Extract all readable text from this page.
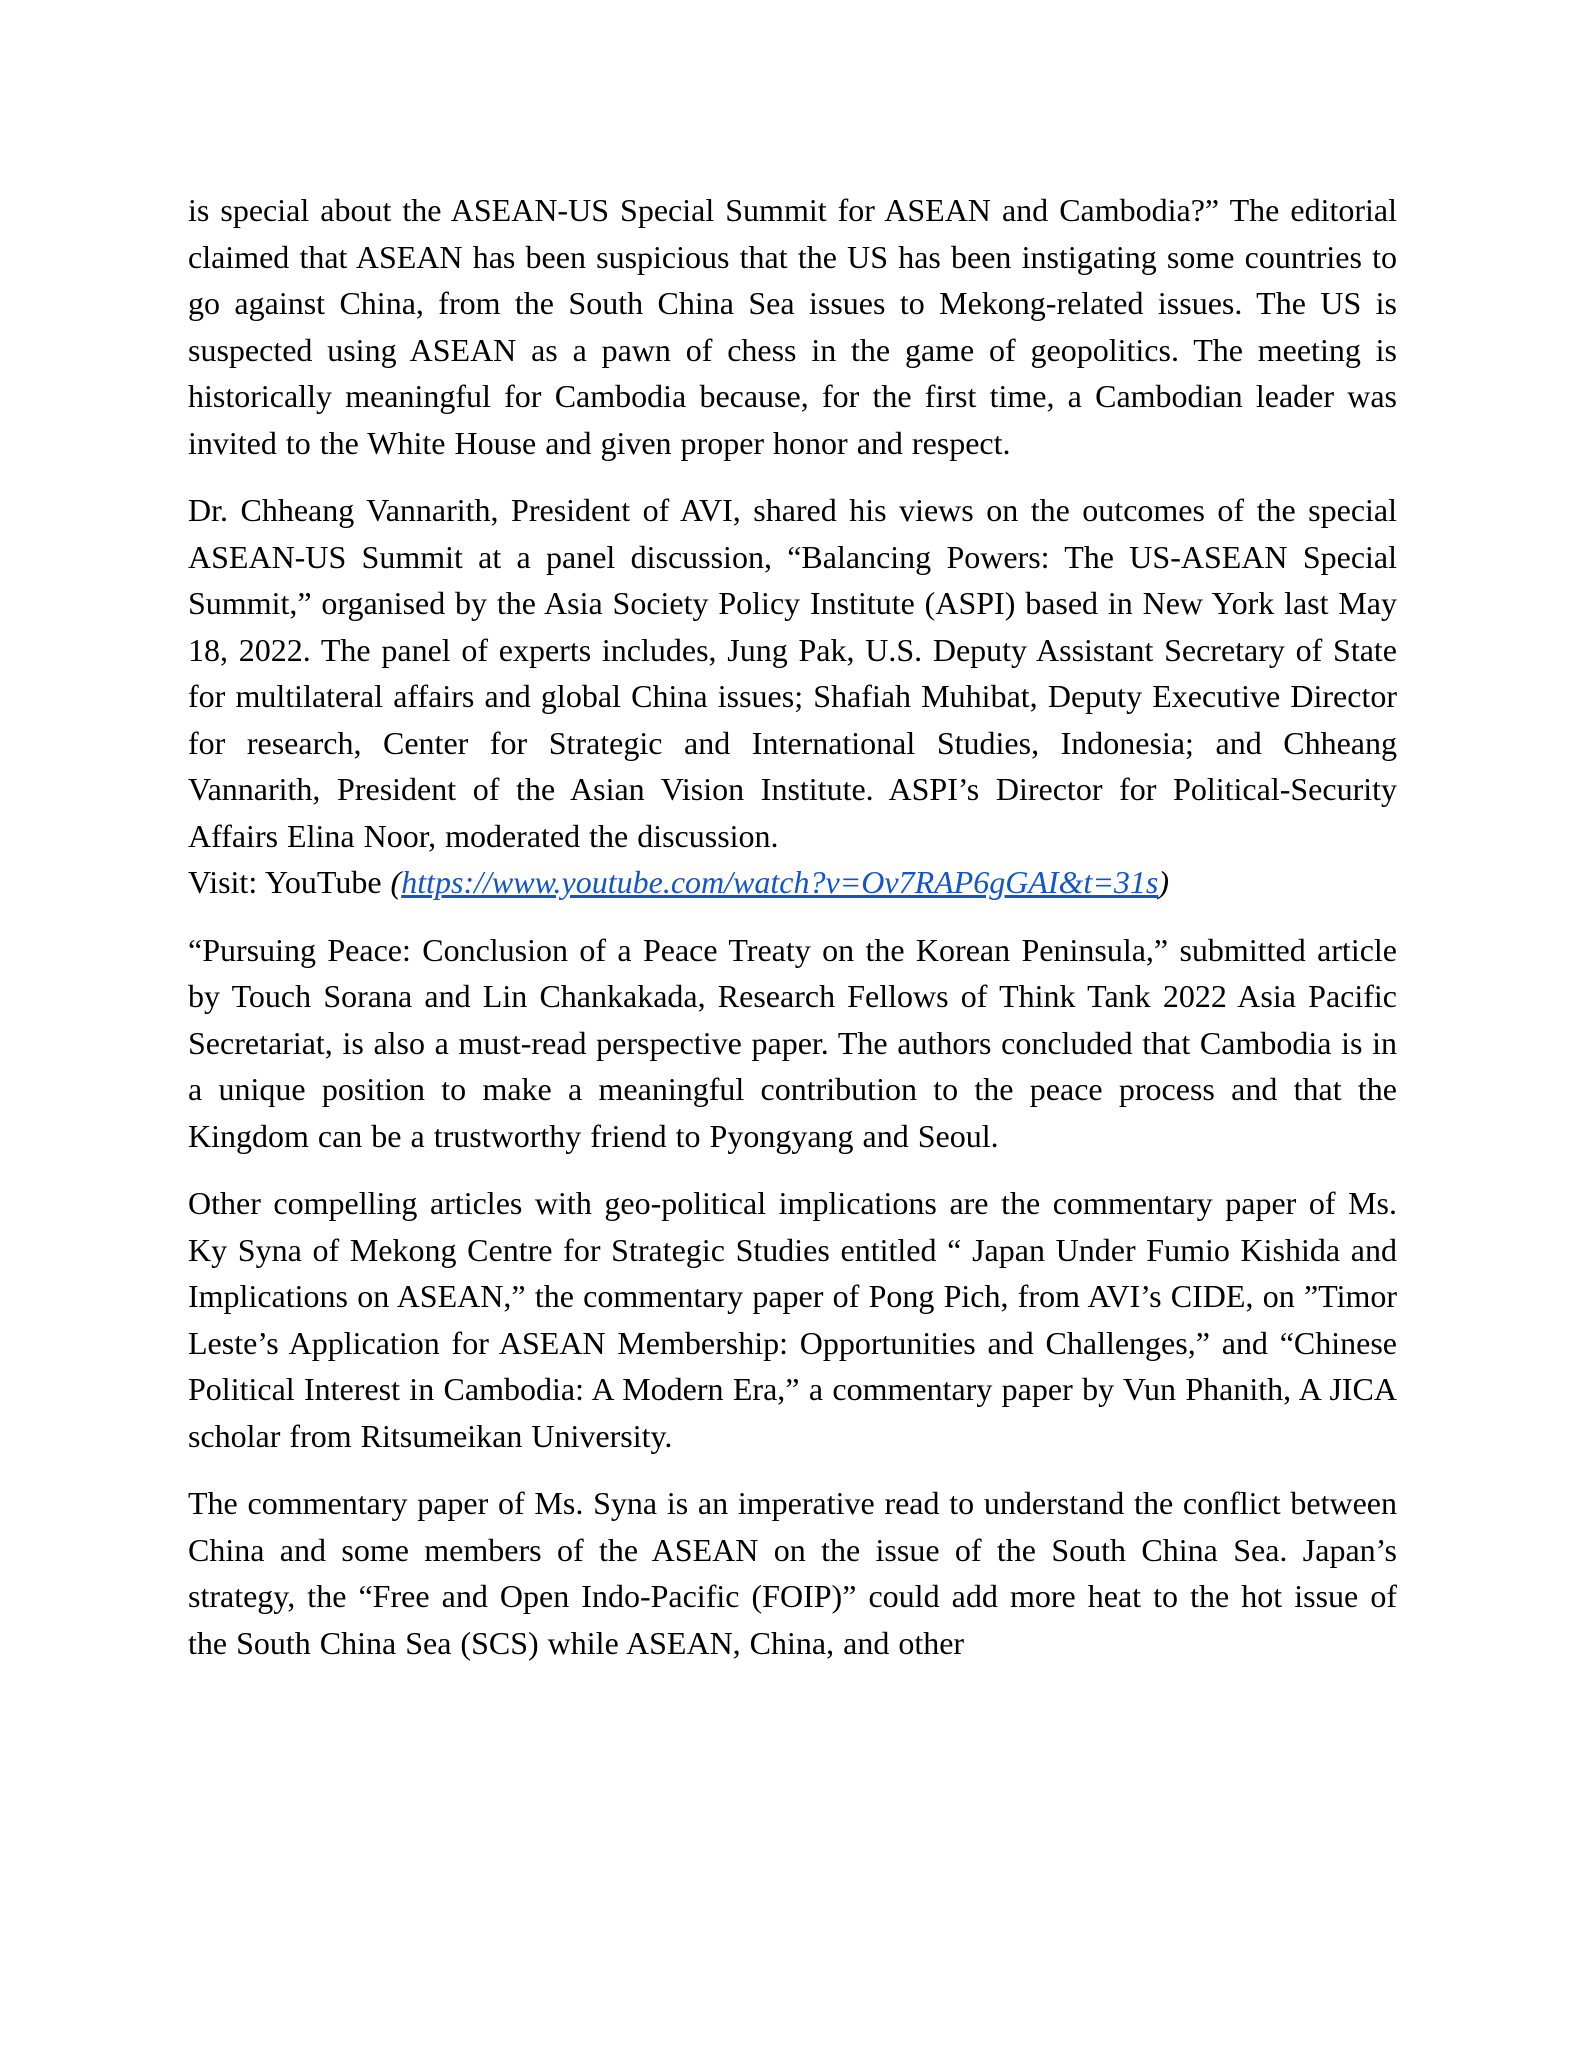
is special about the ASEAN-US Special Summit for ASEAN and Cambodia?” The editorial claimed that ASEAN has been suspicious that the US has been instigating some countries to go against China, from the South China Sea issues to Mekong-related issues. The US is suspected using ASEAN as a pawn of chess in the game of geopolitics. The meeting is historically meaningful for Cambodia because, for the first time, a Cambodian leader was invited to the White House and given proper honor and respect.

Dr. Chheang Vannarith, President of AVI, shared his views on the outcomes of the special ASEAN-US Summit at a panel discussion, “Balancing Powers: The US-ASEAN Special Summit,” organised by the Asia Society Policy Institute (ASPI) based in New York last May 18, 2022. The panel of experts includes, Jung Pak, U.S. Deputy Assistant Secretary of State for multilateral affairs and global China issues; Shafiah Muhibat, Deputy Executive Director for research, Center for Strategic and International Studies, Indonesia; and Chheang Vannarith, President of the Asian Vision Institute. ASPI’s Director for Political-Security Affairs Elina Noor, moderated the discussion.

Visit: YouTube (https://www.youtube.com/watch?v=Ov7RAP6gGAI&t=31s)

“Pursuing Peace: Conclusion of a Peace Treaty on the Korean Peninsula,” submitted article by Touch Sorana and Lin Chankakada, Research Fellows of Think Tank 2022 Asia Pacific Secretariat, is also a must-read perspective paper. The authors concluded that Cambodia is in a unique position to make a meaningful contribution to the peace process and that the Kingdom can be a trustworthy friend to Pyongyang and Seoul.

Other compelling articles with geo-political implications are the commentary paper of Ms. Ky Syna of Mekong Centre for Strategic Studies entitled “ Japan Under Fumio Kishida and Implications on ASEAN,” the commentary paper of Pong Pich, from AVI’s CIDE, on ”Timor Leste’s Application for ASEAN Membership: Opportunities and Challenges,” and “Chinese Political Interest in Cambodia: A Modern Era,” a commentary paper by Vun Phanith, A JICA scholar from Ritsumeikan University.

The commentary paper of Ms. Syna is an imperative read to understand the conflict between China and some members of the ASEAN on the issue of the South China Sea. Japan’s strategy, the “Free and Open Indo-Pacific (FOIP)” could add more heat to the hot issue of the South China Sea (SCS) while ASEAN, China, and other
